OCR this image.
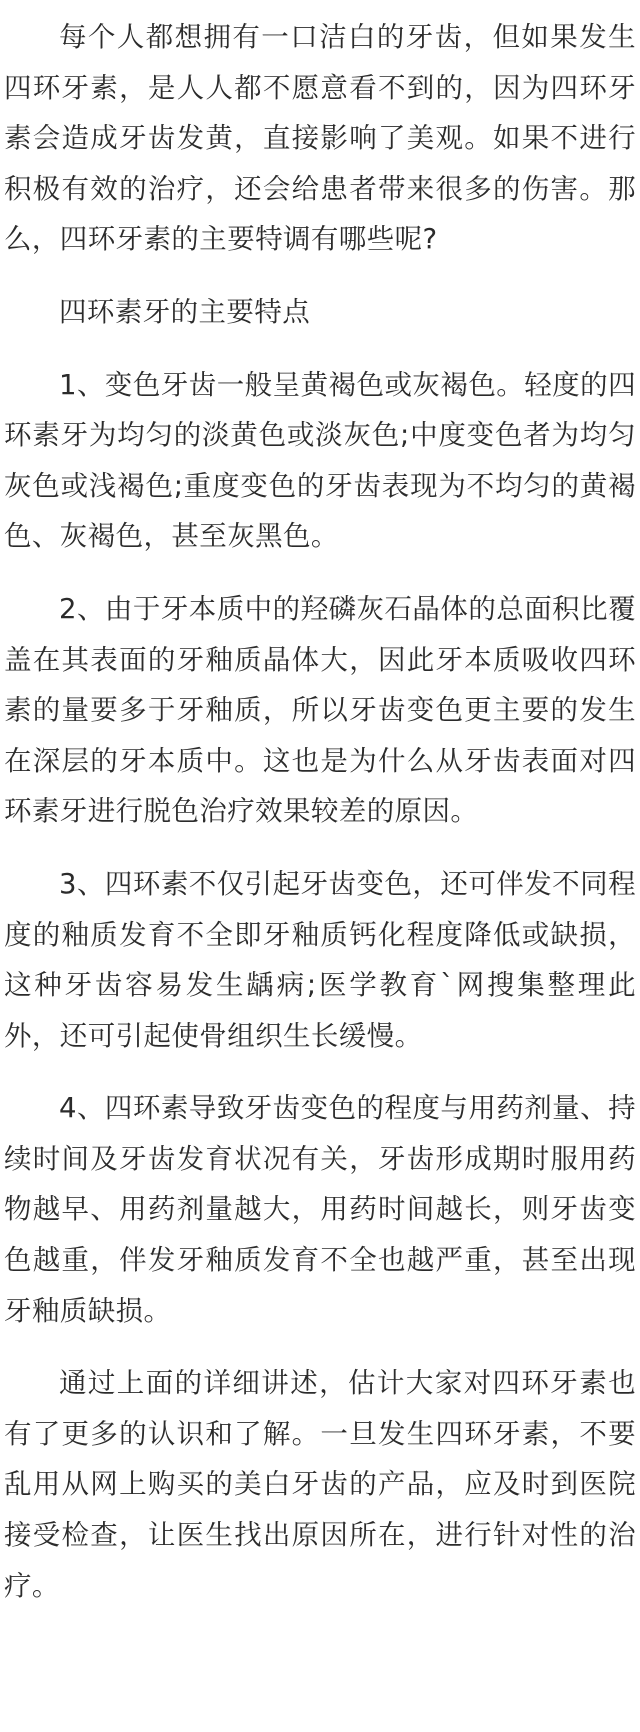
每个人都想拥有一口洁白的牙齿，但如果发生四环牙素，是人人都不愿意看不到的，因为四环牙素会造成牙齿发黄，直接影响了美观。如果不进行积极有效的治疗，还会给患者带来很多的伤害。那么，四环牙素的主要特调有哪些呢?

四环素牙的主要特点

1、变色牙齿一般呈黄褐色或灰褐色。轻度的四环素牙为均匀的淡黄色或淡灰色;中度变色者为均匀灰色或浅褐色;重度变色的牙齿表现为不均匀的黄褐色、灰褐色，甚至灰黑色。

2、由于牙本质中的羟磷灰石晶体的总面积比覆盖在其表面的牙釉质晶体大，因此牙本质吸收四环素的量要多于牙釉质，所以牙齿变色更主要的发生在深层的牙本质中。这也是为什么从牙齿表面对四环素牙进行脱色治疗效果较差的原因。

3、四环素不仅引起牙齿变色，还可伴发不同程度的釉质发育不全即牙釉质钙化程度降低或缺损，这种牙齿容易发生龋病;医学教育`网搜集整理此外，还可引起使骨组织生长缓慢。

4、四环素导致牙齿变色的程度与用药剂量、持续时间及牙齿发育状况有关，牙齿形成期时服用药物越早、用药剂量越大，用药时间越长，则牙齿变色越重，伴发牙釉质发育不全也越严重，甚至出现牙釉质缺损。

通过上面的详细讲述，估计大家对四环牙素也有了更多的认识和了解。一旦发生四环牙素，不要乱用从网上购买的美白牙齿的产品，应及时到医院接受检查，让医生找出原因所在，进行针对性的治疗。
